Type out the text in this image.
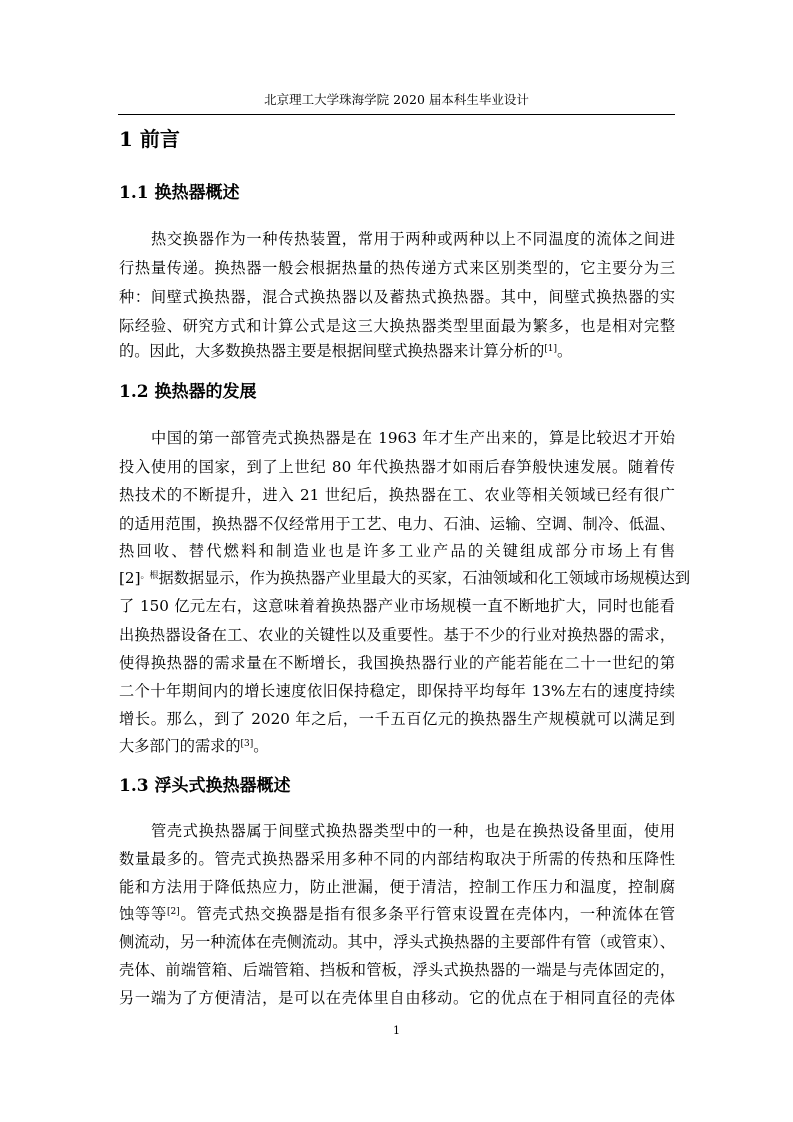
北京理工大学珠海学院 2020 届本科生毕业设计
1 前言
1.1 换热器概述
热交换器作为一种传热装置，常用于两种或两种以上不同温度的流体之间进
行热量传递。换热器一般会根据热量的热传递方式来区别类型的，它主要分为三
种：间壁式换热器，混合式换热器以及蓄热式换热器。其中，间壁式换热器的实
际经验、研究方式和计算公式是这三大换热器类型里面最为繁多，也是相对完整
的。因此，大多数换热器主要是根据间壁式换热器来计算分析的[1]。
1.2 换热器的发展
中国的第一部管壳式换热器是在 1963 年才生产出来的，算是比较迟才开始
投入使用的国家，到了上世纪 80 年代换热器才如雨后春笋般快速发展。随着传
热技术的不断提升，进入 21 世纪后，换热器在工、农业等相关领域已经有很广
的适用范围，换热器不仅经常用于工艺、电力、石油、运输、空调、制冷、低温、
热回收、替代燃料和制造业也是许多工业产品的关键组成部分市场上有售
$[2]^{。根}$据数据显示，作为换热器产业里最大的买家，石油领域和化工领域市场规模达到
了 150 亿元左右，这意味着着换热器产业市场规模一直不断地扩大，同时也能看
出换热器设备在工、农业的关键性以及重要性。基于不少的行业对换热器的需求，
使得换热器的需求量在不断增长，我国换热器行业的产能若能在二十一世纪的第
二个十年期间内的增长速度依旧保持稳定，即保持平均每年 13%左右的速度持续
增长。那么，到了 2020 年之后，一千五百亿元的换热器生产规模就可以满足到
大多部门的需求的[3]。
1.3 浮头式换热器概述
管壳式换热器属于间壁式换热器类型中的一种，也是在换热设备里面，使用
数量最多的。管壳式换热器采用多种不同的内部结构取决于所需的传热和压降性
能和方法用于降低热应力，防止泄漏，便于清洁，控制工作压力和温度，控制腐
蚀等等[2]。管壳式热交换器是指有很多条平行管束设置在壳体内，一种流体在管
侧流动，另一种流体在壳侧流动。其中，浮头式换热器的主要部件有管（或管束）、
壳体、前端管箱、后端管箱、挡板和管板，浮头式换热器的一端是与壳体固定的，
另一端为了方便清洁，是可以在壳体里自由移动。它的优点在于相同直径的壳体
1
